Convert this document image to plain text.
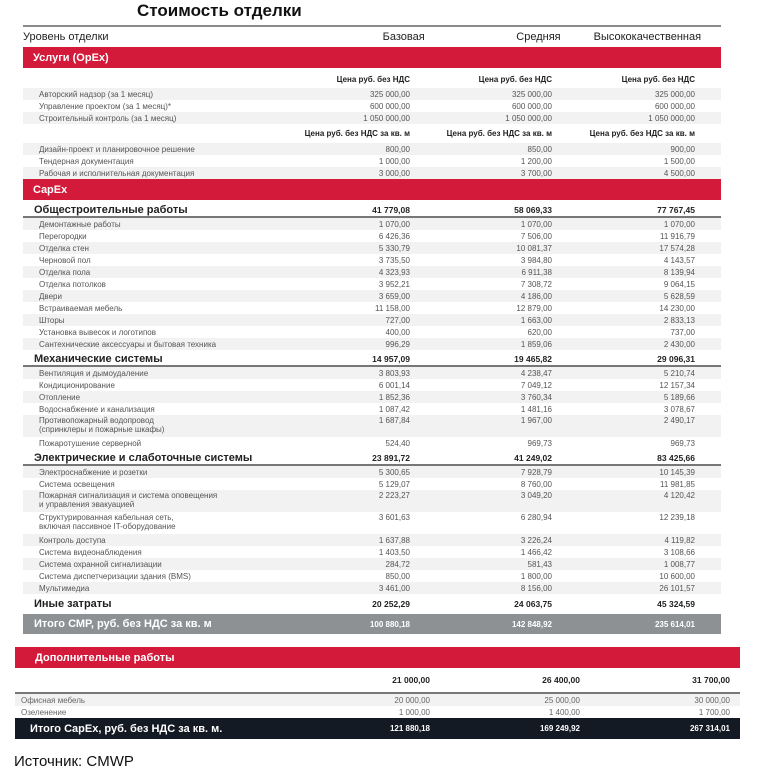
Стоимость отделки
Уровень отделки	Базовая	Средняя	Высококачественная
Услуги (OpEx)
Цена руб. без НДС	Цена руб. без НДС	Цена руб. без НДС
Авторский надзор (за 1 месяц)	325 000,00	325 000,00	325 000,00
Управление проектом (за 1 месяц)*	600 000,00	600 000,00	600 000,00
Строительный контроль (за 1 месяц)	1 050 000,00	1 050 000,00	1 050 000,00
Цена руб. без НДС за кв. м	Цена руб. без НДС за кв. м	Цена руб. без НДС за кв. м
Дизайн-проект и планировочное решение	800,00	850,00	900,00
Тендерная документация	1 000,00	1 200,00	1 500,00
Рабочая и исполнительная документация	3 000,00	3 700,00	4 500,00
CapEx
Общестроительные работы	41 779,08	58 069,33	77 767,45
Демонтажные работы	1 070,00	1 070,00	1 070,00
Перегородки	6 426,36	7 506,00	11 916,79
Отделка стен	5 330,79	10 081,37	17 574,28
Черновой пол	3 735,50	3 984,80	4 143,57
Отделка пола	4 323,93	6 911,38	8 139,94
Отделка потолков	3 952,21	7 308,72	9 064,15
Двери	3 659,00	4 186,00	5 628,59
Встраиваемая мебель	11 158,00	12 879,00	14 230,00
Шторы	727,00	1 663,00	2 833,13
Установка вывесок и логотипов	400,00	620,00	737,00
Сантехнические аксессуары и бытовая техника	996,29	1 859,06	2 430,00
Механические системы	14 957,09	19 465,82	29 096,31
Вентиляция и дымоудаление	3 803,93	4 238,47	5 210,74
Кондиционирование	6 001,14	7 049,12	12 157,34
Отопление	1 852,36	3 760,34	5 189,66
Водоснабжение и канализация	1 087,42	1 481,16	3 078,67
Противопожарный водопровод
(спринклеры и пожарные шкафы)
1 687,84	1 967,00	2 490,17
Пожаротушение серверной	524,40	969,73	969,73
Электрические и слаботочные системы	23 891,72	41 249,02	83 425,66
Электроснабжение и розетки	5 300,65	7 928,79	10 145,39
Система освещения	5 129,07	8 760,00	11 981,85
Пожарная сигнализация и система оповещения
и управления эвакуацией
2 223,27	3 049,20	4 120,42
Структурированная кабельная сеть,
включая пассивное IT-оборудование
3 601,63	6 280,94	12 239,18
Контроль доступа	1 637,88	3 226,24	4 119,82
Система видеонаблюдения	1 403,50	1 466,42	3 108,66
Система охранной сигнализации	284,72	581,43	1 008,77
Система диспетчеризации здания (BMS)	850,00	1 800,00	10 600,00
Мультимедиа	3 461,00	8 156,00	26 101,57
Иные затраты	20 252,29	24 063,75	45 324,59
Итого СМР, руб. без НДС за кв. м	100 880,18	142 848,92	235 614,01
Дополнительные работы
21 000,00	26 400,00	31 700,00
Офисная мебель	20 000,00	25 000,00	30 000,00
Озеленение	1 000,00	1 400,00	1 700,00
Итого CapEx, руб. без НДС за кв. м.	121 880,18	169 249,92	267 314,01
Источник: CMWP
